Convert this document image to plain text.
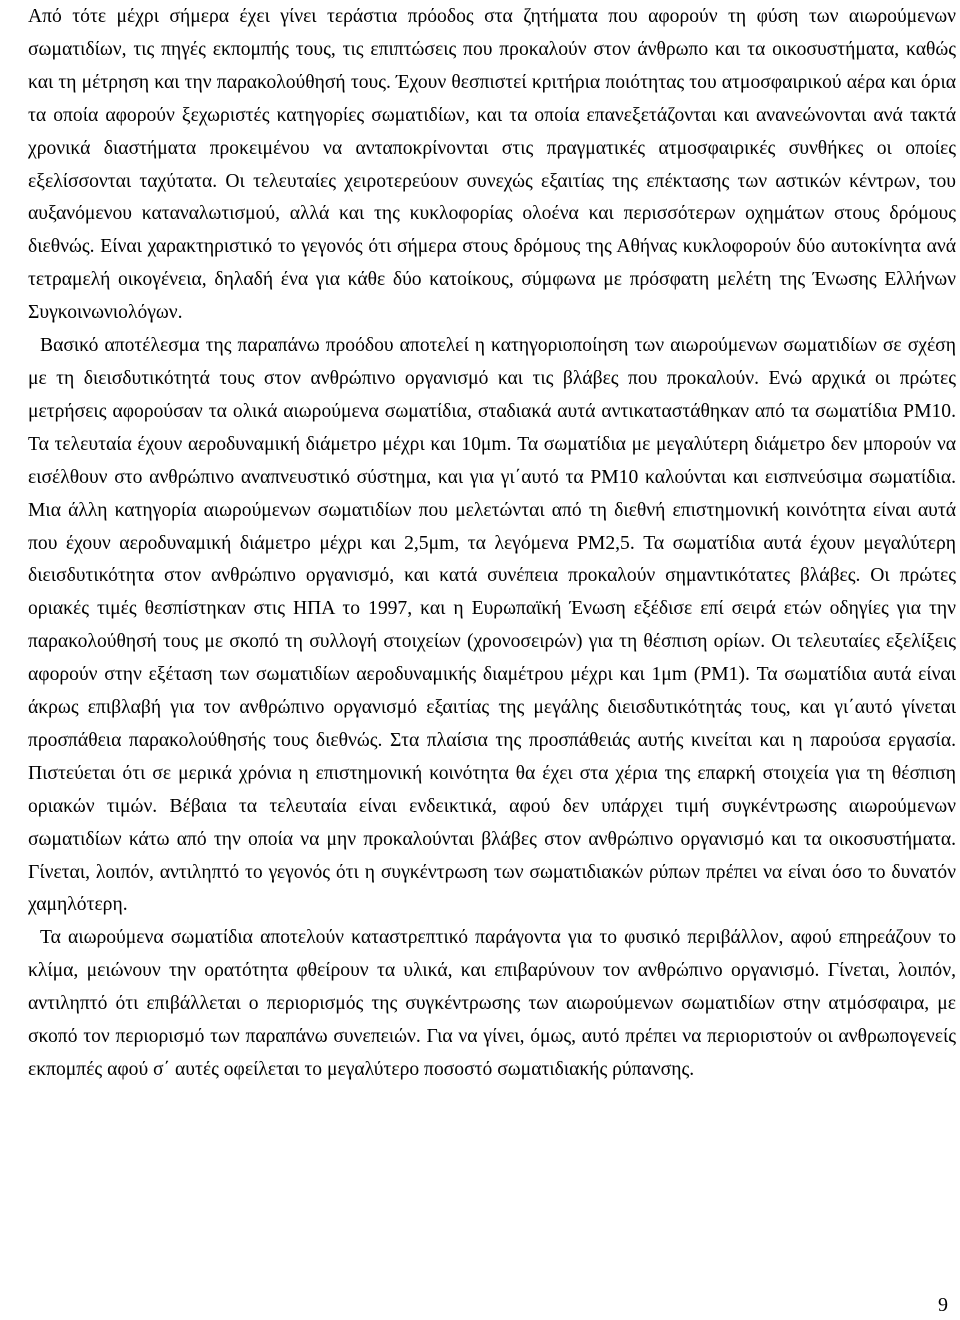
Από τότε μέχρι σήμερα έχει γίνει τεράστια πρόοδος στα ζητήματα που αφορούν τη φύση των αιωρούμενων σωματιδίων, τις πηγές εκπομπής τους, τις επιπτώσεις που προκαλούν στον άνθρωπο και τα οικοσυστήματα, καθώς και τη μέτρηση και την παρακολούθησή τους. Έχουν θεσπιστεί κριτήρια ποιότητας του ατμοσφαιρικού αέρα και όρια τα οποία αφορούν ξεχωριστές κατηγορίες σωματιδίων, και τα οποία επανεξετάζονται και ανανεώνονται ανά τακτά χρονικά διαστήματα προκειμένου να ανταποκρίνονται στις πραγματικές ατμοσφαιρικές συνθήκες οι οποίες εξελίσσονται ταχύτατα. Οι τελευταίες χειροτερεύουν συνεχώς εξαιτίας της επέκτασης των αστικών κέντρων, του αυξανόμενου καταναλωτισμού, αλλά και της κυκλοφορίας ολοένα και περισσότερων οχημάτων στους δρόμους διεθνώς. Είναι χαρακτηριστικό το γεγονός ότι σήμερα στους δρόμους της Αθήνας κυκλοφορούν δύο αυτοκίνητα ανά τετραμελή οικογένεια, δηλαδή ένα για κάθε δύο κατοίκους, σύμφωνα με πρόσφατη μελέτη της Ένωσης Ελλήνων Συγκοινωνιολόγων.

Βασικό αποτέλεσμα της παραπάνω προόδου αποτελεί η κατηγοριοποίηση των αιωρούμενων σωματιδίων σε σχέση με τη διεισδυτικότητά τους στον ανθρώπινο οργανισμό και τις βλάβες που προκαλούν. Ενώ αρχικά οι πρώτες μετρήσεις αφορούσαν τα ολικά αιωρούμενα σωματίδια, σταδιακά αυτά αντικαταστάθηκαν από τα σωματίδια PM10. Τα τελευταία έχουν αεροδυναμική διάμετρο μέχρι και 10μm. Τα σωματίδια με μεγαλύτερη διάμετρο δεν μπορούν να εισέλθουν στο ανθρώπινο αναπνευστικό σύστημα, και για γι΄αυτό τα PM10 καλούνται και εισπνεύσιμα σωματίδια. Μια άλλη κατηγορία αιωρούμενων σωματιδίων που μελετώνται από τη διεθνή επιστημονική κοινότητα είναι αυτά που έχουν αεροδυναμική διάμετρο μέχρι και 2,5μm, τα λεγόμενα PM2,5. Τα σωματίδια αυτά έχουν μεγαλύτερη διεισδυτικότητα στον ανθρώπινο οργανισμό, και κατά συνέπεια προκαλούν σημαντικότατες βλάβες. Οι πρώτες οριακές τιμές θεσπίστηκαν στις ΗΠΑ το 1997, και η Ευρωπαϊκή Ένωση εξέδισε επί σειρά ετών οδηγίες για την παρακολούθησή τους με σκοπό τη συλλογή στοιχείων (χρονοσειρών) για τη θέσπιση ορίων. Οι τελευταίες εξελίξεις αφορούν στην εξέταση των σωματιδίων αεροδυναμικής διαμέτρου μέχρι και 1μm (PM1). Τα σωματίδια αυτά είναι άκρως επιβλαβή για τον ανθρώπινο οργανισμό εξαιτίας της μεγάλης διεισδυτικότητάς τους, και γι΄αυτό γίνεται προσπάθεια παρακολούθησής τους διεθνώς. Στα πλαίσια της προσπάθειάς αυτής κινείται και η παρούσα εργασία. Πιστεύεται ότι σε μερικά χρόνια η επιστημονική κοινότητα θα έχει στα χέρια της επαρκή στοιχεία για τη θέσπιση οριακών τιμών. Βέβαια τα τελευταία είναι ενδεικτικά, αφού δεν υπάρχει τιμή συγκέντρωσης αιωρούμενων σωματιδίων κάτω από την οποία να μην προκαλούνται βλάβες στον ανθρώπινο οργανισμό και τα οικοσυστήματα. Γίνεται, λοιπόν, αντιληπτό το γεγονός ότι η συγκέντρωση των σωματιδιακών ρύπων πρέπει να είναι όσο το δυνατόν χαμηλότερη.

Τα αιωρούμενα σωματίδια αποτελούν καταστρεπτικό παράγοντα για το φυσικό περιβάλλον, αφού επηρεάζουν το κλίμα, μειώνουν την ορατότητα φθείρουν τα υλικά, και επιβαρύνουν τον ανθρώπινο οργανισμό. Γίνεται, λοιπόν, αντιληπτό ότι επιβάλλεται ο περιορισμός της συγκέντρωσης των αιωρούμενων σωματιδίων στην ατμόσφαιρα, με σκοπό τον περιορισμό των παραπάνω συνεπειών. Για να γίνει, όμως, αυτό πρέπει να περιοριστούν οι ανθρωπογενείς εκπομπές αφού σ΄ αυτές οφείλεται το μεγαλύτερο ποσοστό σωματιδιακής ρύπανσης.

9
